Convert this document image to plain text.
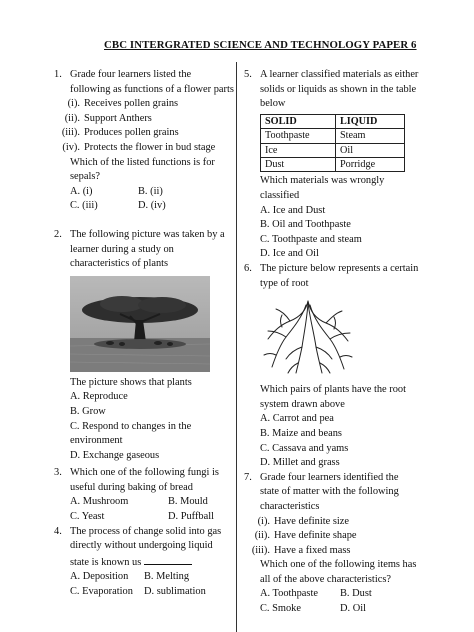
CBC INTERGRATED SCIENCE AND TECHNOLOGY PAPER 6
1. Grade four learners listed the following as functions of a flower parts
(i). Receives pollen grains
(ii). Support Anthers
(iii). Produces pollen grains
(iv). Protects the flower in bud stage
Which of the listed functions is for sepals?
A. (i)	B. (ii)
C. (iii)	D. (iv)
2. The following picture was taken by a learner during a study on characteristics of plants
The picture shows that plants
A. Reproduce
B. Grow
C. Respond to changes in the environment
D. Exchange gaseous
3. Which one of the following fungi is useful during baking of bread
A. Mushroom	B. Mould
C. Yeast	D. Puffball
4. The process of change solid into gas directly without undergoing liquid state is known us
A. Deposition	B. Melting
C. Evaporation	D. sublimation
5. A learner classified materials as either solids or liquids as shown in the table below
SOLID	LIQUID
Toothpaste	Steam
Ice	Oil
Dust	Porridge
Which materials was wrongly classified
A. Ice and Dust
B. Oil and Toothpaste
C. Toothpaste and steam
D. Ice and Oil
6. The picture below represents a certain type of root
Which pairs of plants have the root system drawn above
A. Carrot and pea
B. Maize and beans
C. Cassava and yams
D. Millet and grass
7. Grade four learners identified the state of matter with the following characteristics
(i). Have definite size
(ii). Have definite shape
(iii). Have a fixed mass
Which one of the following items has all of the above characteristics?
A. Toothpaste	B. Dust
C. Smoke	D. Oil
